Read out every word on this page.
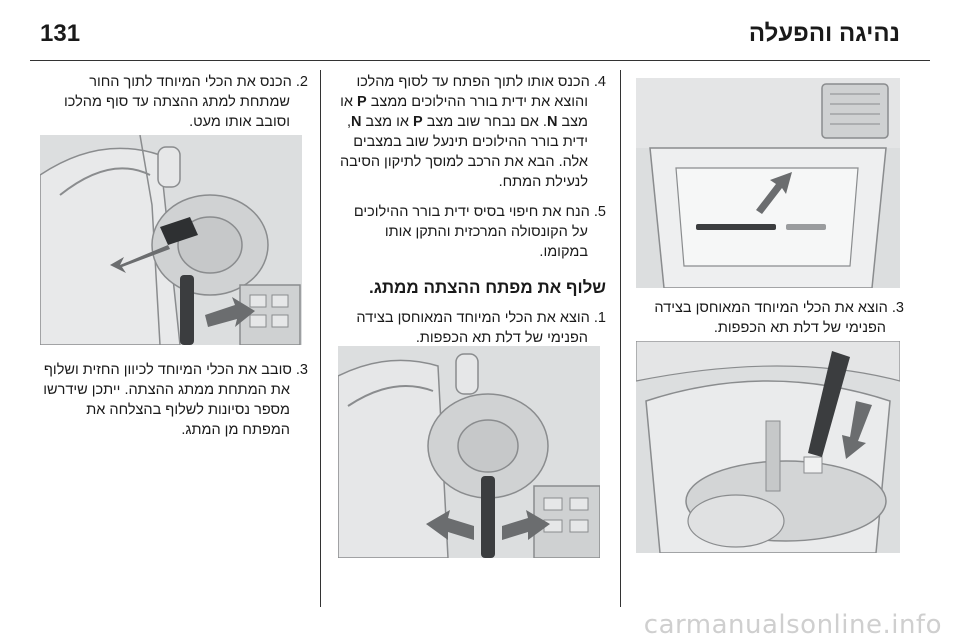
131	נהיגה והפעלה
2. הכנס את הכלי המיוחד לתוך החור שמתחת למתג ההצתה עד סוף מהלכו וסובב אותו מעט.
3. סובב את הכלי המיוחד לכיוון החזית ושלוף את המתחת ממתג ההצתה. ייתכן שידרשו מספר נסיונות לשלוף בהצלחה את המפתח מן המתג.
4. הכנס אותו לתוך הפתח עד לסוף מהלכו והוצא את ידית בורר ההילוכים ממצב P או מצב N. אם נבחר שוב מצב P או מצב N, ידית בורר ההילוכים תינעל שוב במצבים אלה. הבא את הרכב למוסך לתיקון הסיבה לנעילת המתח.
5. הנח את חיפוי בסיס ידית בורר ההילוכים על הקונסולה המרכזית והתקן אותו במקומו.
שלוף את מפתח ההצתה ממתג.
1. הוצא את הכלי המיוחד המאוחסן בצידה הפנימי של דלת תא הכפפות.
3. הוצא את הכלי המיוחד המאוחסן בצידה הפנימי של דלת תא הכפפות.
carmanualsonline.info
